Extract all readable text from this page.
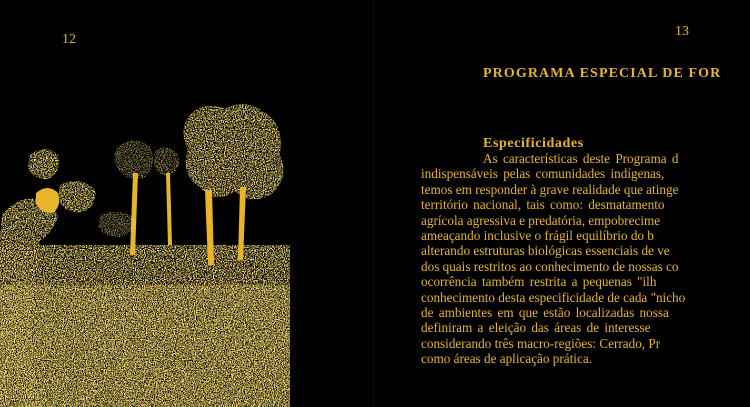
12
13
PROGRAMA ESPECIAL DE FOR
Especificidades
As características deste Programa d
indispensáveis pelas comunidades indígenas,
temos em responder à grave realidade que atinge
território nacional, tais como: desmatamento
agrícola agressiva e predatória, empobrecime
ameaçando inclusive o frágil equilíbrio do b
alterando estruturas biológicas essenciais de ve
dos quais restritos ao conhecimento de nossas co
ocorrência também restrita a pequenas "ilh
conhecimento desta especificidade de cada "nicho
de ambientes em que estão localizadas nossa
definiram a eleição das áreas de interesse
considerando três macro-regiões: Cerrado, Pr
como áreas de aplicação prática.
